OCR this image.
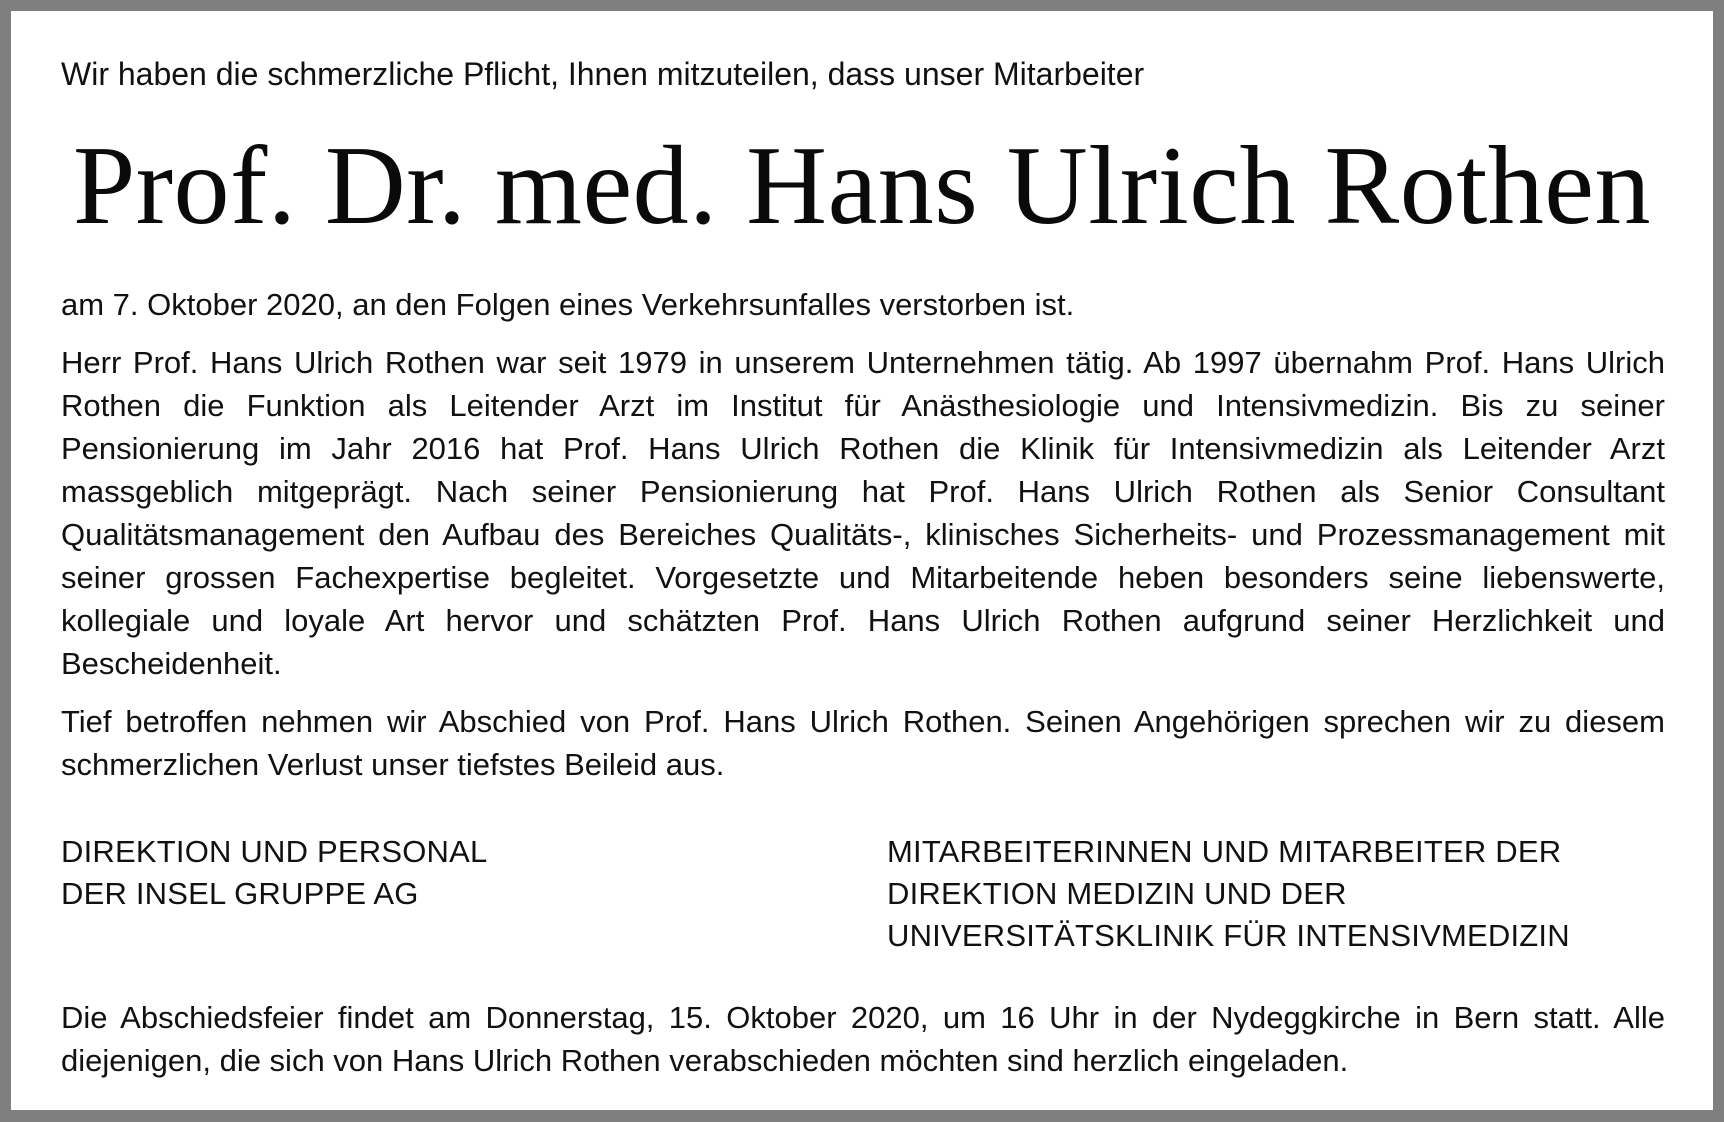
Wir haben die schmerzliche Pflicht, Ihnen mitzuteilen, dass unser Mitarbeiter
Prof. Dr. med. Hans Ulrich Rothen
am 7. Oktober 2020, an den Folgen eines Verkehrsunfalles verstorben ist.
Herr Prof. Hans Ulrich Rothen war seit 1979 in unserem Unternehmen tätig. Ab 1997 übernahm Prof. Hans Ulrich Rothen die Funktion als Leitender Arzt im Institut für Anästhesiologie und Intensivmedizin. Bis zu seiner Pensionierung im Jahr 2016 hat Prof. Hans Ulrich Rothen die Klinik für Intensivmedizin als Leitender Arzt massgeblich mitgeprägt. Nach seiner Pensionierung hat Prof. Hans Ulrich Rothen als Senior Consultant Qualitätsmanagement den Aufbau des Bereiches Qualitäts-, klinisches Sicherheits- und Prozessmanagement mit seiner grossen Fachexpertise begleitet. Vorgesetzte und Mitarbeitende heben besonders seine liebenswerte, kollegiale und loyale Art hervor und schätzten Prof. Hans Ulrich Rothen aufgrund seiner Herzlichkeit und Bescheidenheit.
Tief betroffen nehmen wir Abschied von Prof. Hans Ulrich Rothen. Seinen Angehörigen sprechen wir zu diesem schmerzlichen Verlust unser tiefstes Beileid aus.
DIREKTION UND PERSONAL
DER INSEL GRUPPE AG
MITARBEITERINNEN UND MITARBEITER DER
DIREKTION MEDIZIN UND DER
UNIVERSITÄTSKLINIK FÜR INTENSIVMEDIZIN
Die Abschiedsfeier findet am Donnerstag, 15. Oktober 2020, um 16 Uhr in der Nydeggkirche in Bern statt. Alle diejenigen, die sich von Hans Ulrich Rothen verabschieden möchten sind herzlich eingeladen.
